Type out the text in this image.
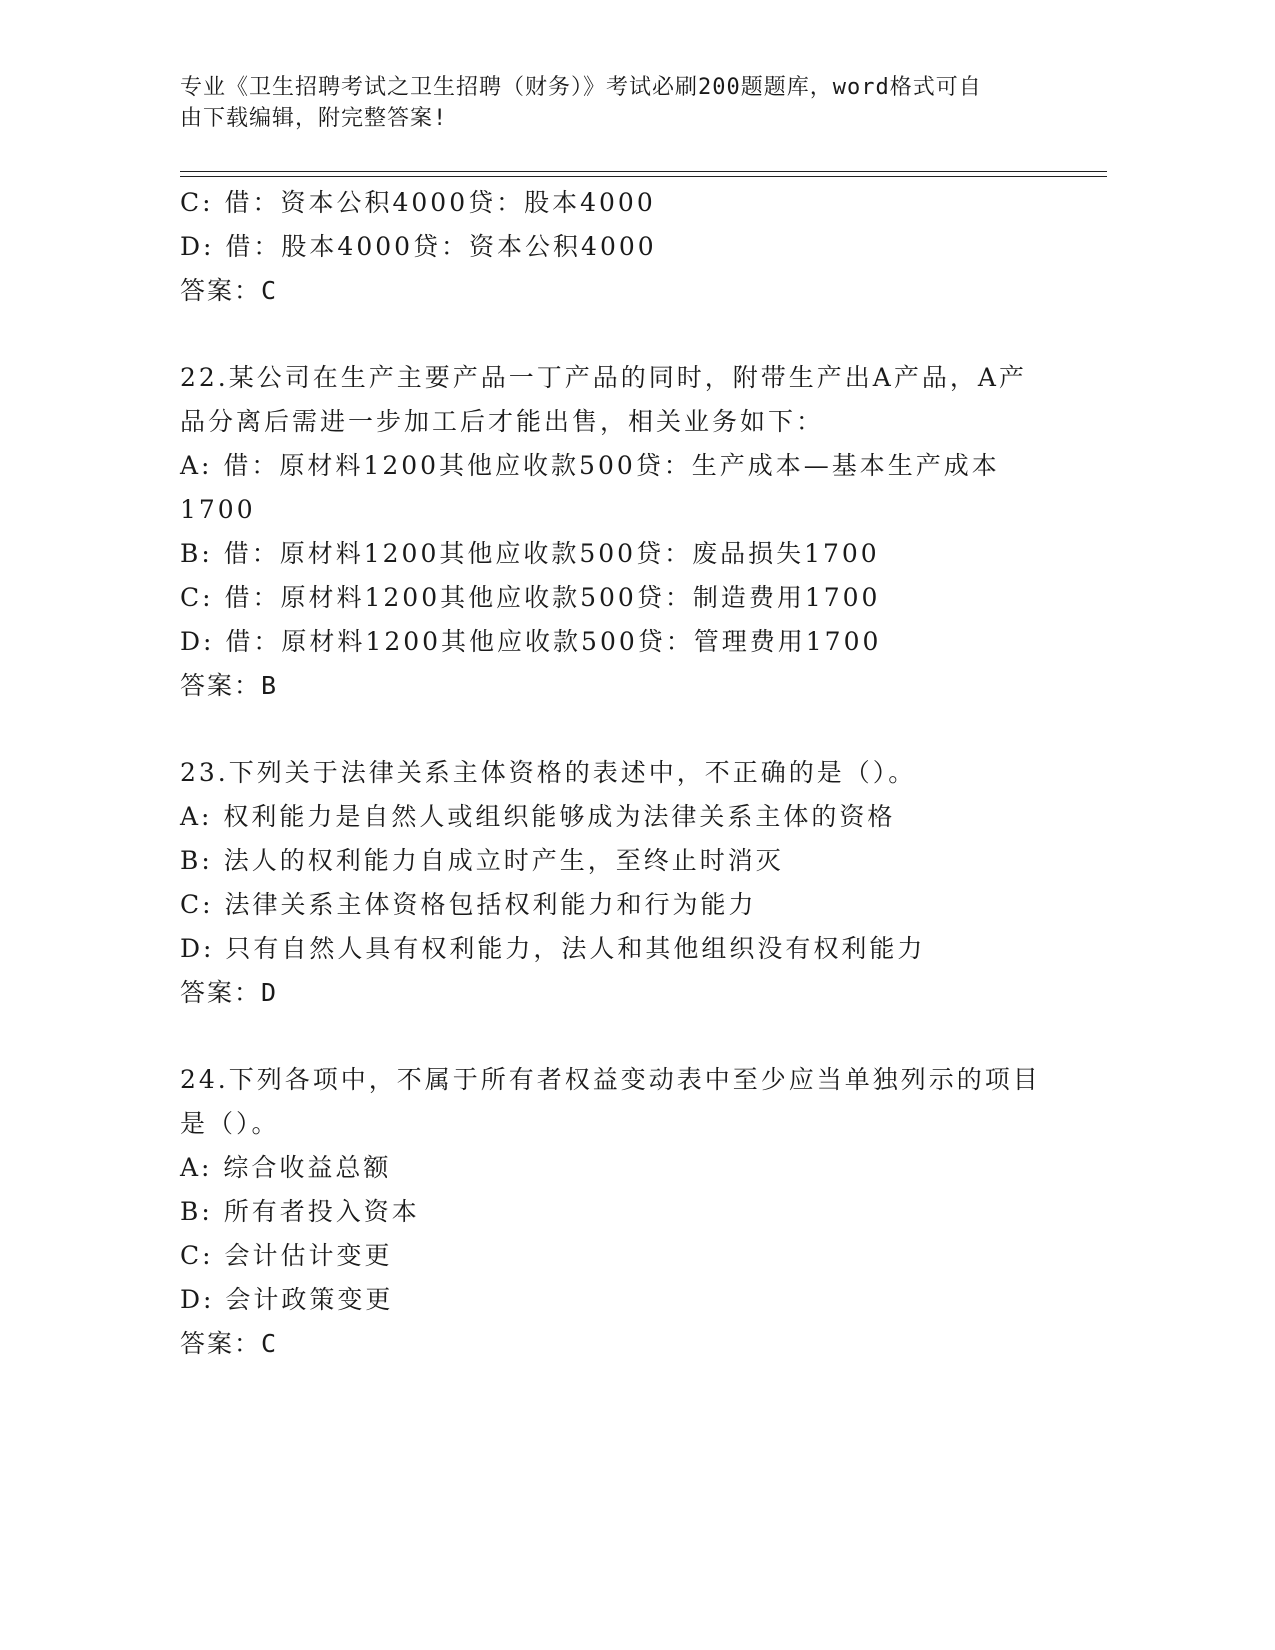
专业《卫生招聘考试之卫生招聘（财务）》考试必刷200题题库，word格式可自
由下载编辑，附完整答案!
C: 借：资本公积4000贷：股本4000
D: 借：股本4000贷：资本公积4000
答案：C
22.某公司在生产主要产品一丁产品的同时，附带生产出A产品，A产
品分离后需进一步加工后才能出售，相关业务如下：
A: 借：原材料1200其他应收款500贷：生产成本—基本生产成本
1700
B: 借：原材料1200其他应收款500贷：废品损失1700
C: 借：原材料1200其他应收款500贷：制造费用1700
D: 借：原材料1200其他应收款500贷：管理费用1700
答案：B
23.下列关于法律关系主体资格的表述中，不正确的是（）。
A: 权利能力是自然人或组织能够成为法律关系主体的资格
B: 法人的权利能力自成立时产生，至终止时消灭
C: 法律关系主体资格包括权利能力和行为能力
D: 只有自然人具有权利能力，法人和其他组织没有权利能力
答案：D
24.下列各项中，不属于所有者权益变动表中至少应当单独列示的项目
是（）。
A: 综合收益总额
B: 所有者投入资本
C: 会计估计变更
D: 会计政策变更
答案：C
